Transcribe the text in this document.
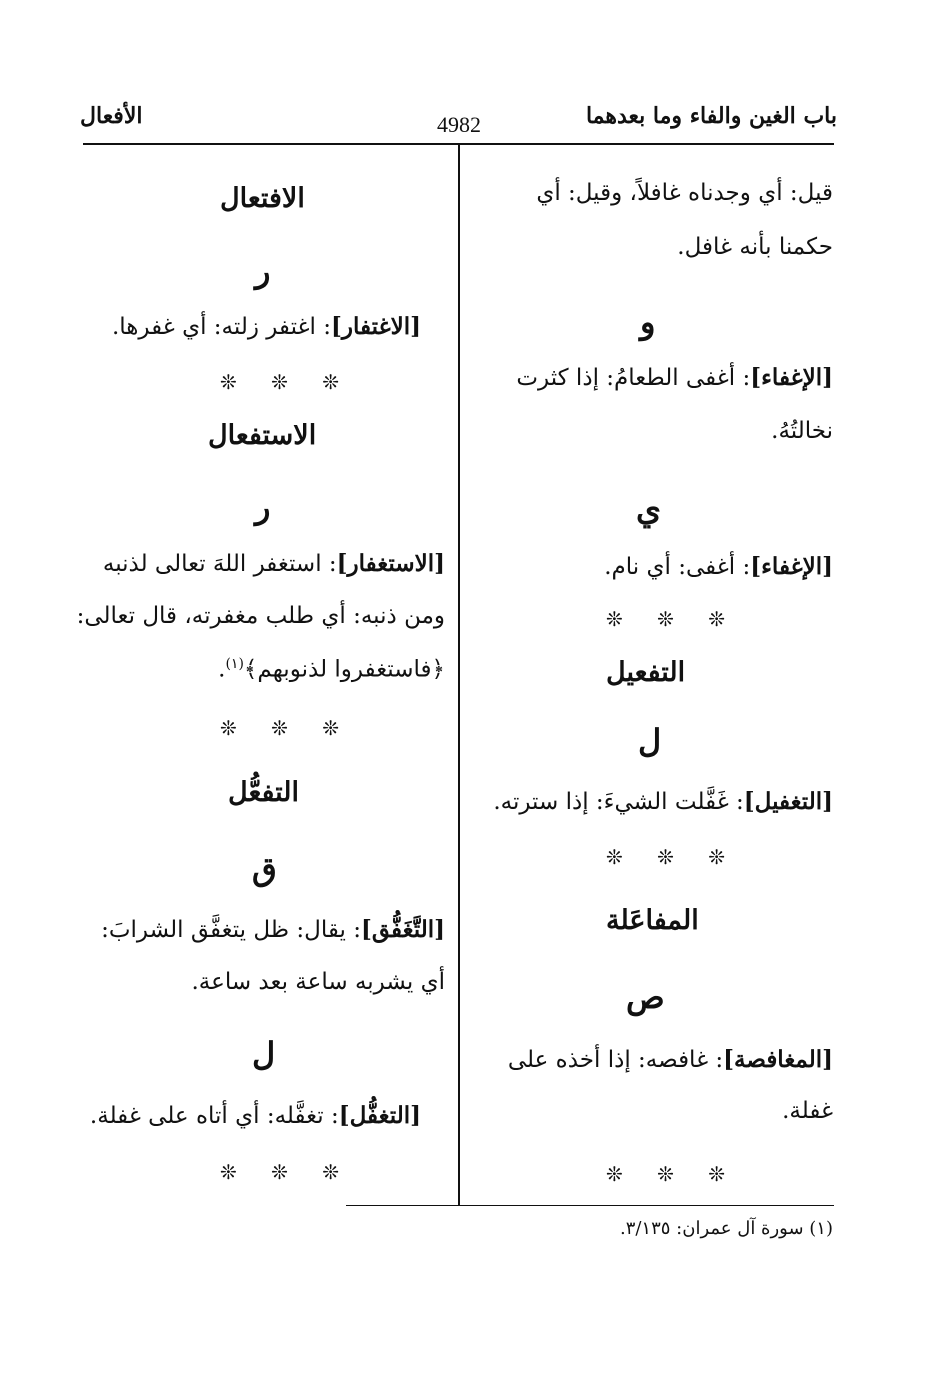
باب الغين والفاء وما بعدهما
4982
الأفعال
قيل: أي وجدناه غافلاً، وقيل: أي
حكمنا بأنه غافل.
و
[الإغفاء]: أغفى الطعامُ: إذا كثرت
نخالتُهُ.
ي
[الإغفاء]: أغفى: أي نام.
❊ ❊ ❊
التفعيل
ل
[التغفيل]: غَفَّلت الشيءَ: إذا سترته.
❊ ❊ ❊
المفاعَلة
ص
[المغافصة]: غافصه: إذا أخذه على
غفلة.
❊ ❊ ❊
الافتعال
ر
[الاغتفار]: اغتفر زلته: أي غفرها.
❊ ❊ ❊
الاستفعال
ر
[الاستغفار]: استغفر اللهَ تعالى لذنبه
ومن ذنبه: أي طلب مغفرته، قال تعالى:
﴿فاستغفروا لذنوبهم﴾$^{(١)}$.
❊ ❊ ❊
التفعُّل
ق
[التَّغَفُّق]: يقال: ظل يتغفَّق الشرابَ:
أي يشربه ساعة بعد ساعة.
ل
[التغفُّل]: تغفَّله: أي أتاه على غفلة.
❊ ❊ ❊
(١) سورة آل عمران: ٣/١٣٥.
